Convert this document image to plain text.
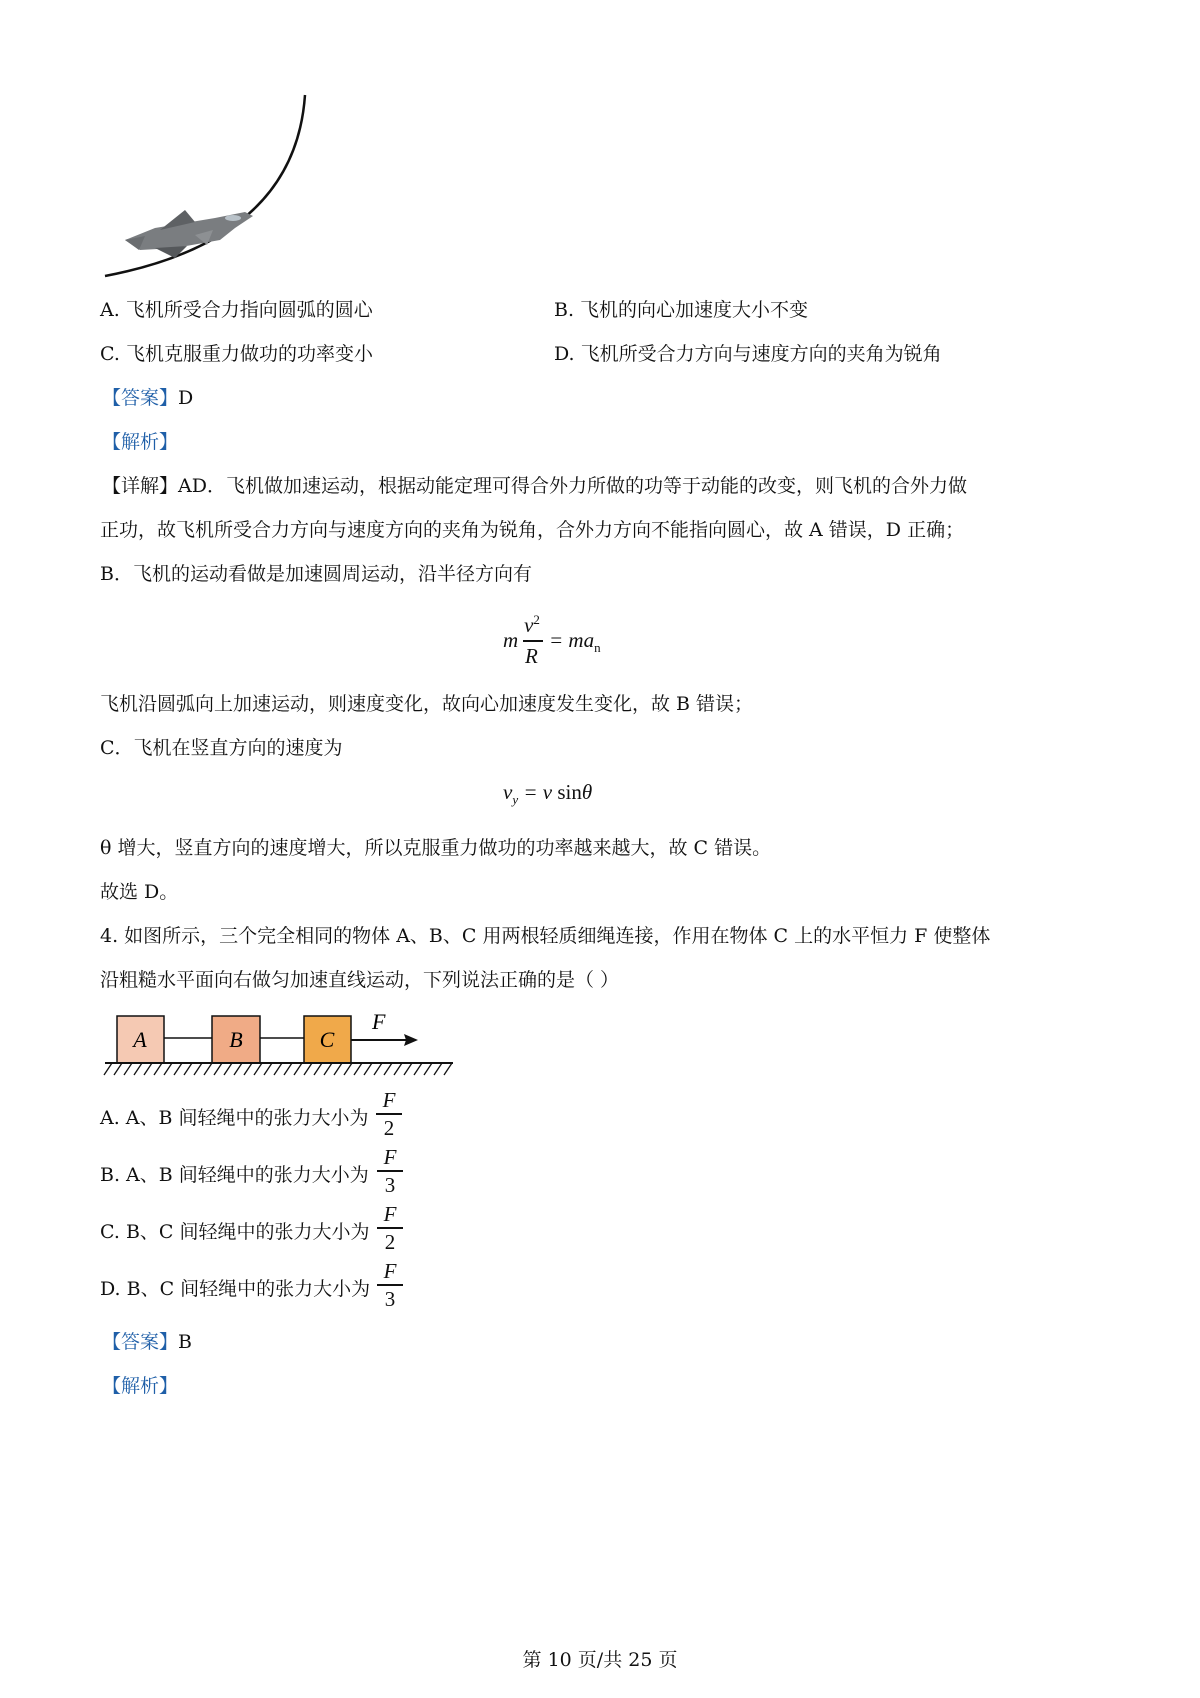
A. 飞机所受合力指向圆弧的圆心	B. 飞机的向心加速度大小不变
C. 飞机克服重力做功的功率变小	D. 飞机所受合力方向与速度方向的夹角为锐角
【答案】D
【解析】
【详解】AD．飞机做加速运动，根据动能定理可得合外力所做的功等于动能的改变，则飞机的合外力做
正功，故飞机所受合力方向与速度方向的夹角为锐角，合外力方向不能指向圆心，故 A 错误，D 正确；
B．飞机的运动看做是加速圆周运动，沿半径方向有
m
$v^2$
R
= $ma_n$
飞机沿圆弧向上加速运动，则速度变化，故向心加速度发生变化，故 B 错误；
C．飞机在竖直方向的速度为
$v_y = v$ sinθ
θ 增大，竖直方向的速度增大，所以克服重力做功的功率越来越大，故 C 错误。
故选 D。
4. 如图所示，三个完全相同的物体 A、B、C 用两根轻质细绳连接，作用在物体 C 上的水平恒力 F 使整体
沿粗糙水平面向右做匀加速直线运动，下列说法正确的是（ ）
A	B	C
F
A. A、B 间轻绳中的张力大小为
F
2
B. A、B 间轻绳中的张力大小为
F
3
C. B、C 间轻绳中的张力大小为
F
2
D. B、C 间轻绳中的张力大小为
F
3
【答案】B
【解析】
第 10 页/共 25 页
